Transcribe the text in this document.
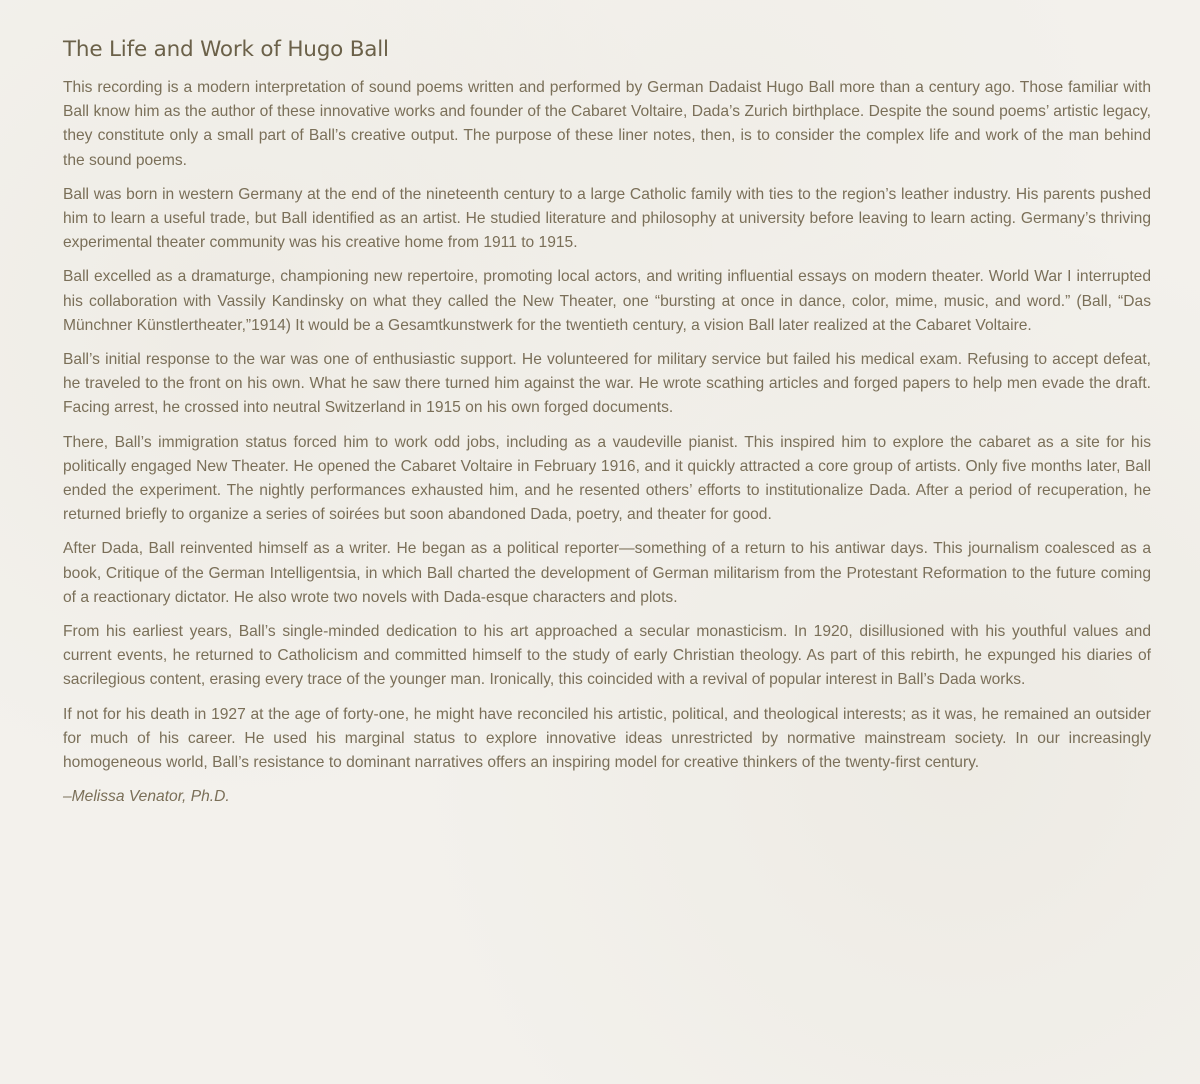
The Life and Work of Hugo Ball

This recording is a modern interpretation of sound poems written and performed by German Dadaist Hugo Ball more than a century ago. Those familiar with Ball know him as the author of these innovative works and founder of the Cabaret Voltaire, Dada’s Zurich birthplace. Despite the sound poems’ artistic legacy, they constitute only a small part of Ball’s creative output. The purpose of these liner notes, then, is to consider the complex life and work of the man behind the sound poems.

Ball was born in western Germany at the end of the nineteenth century to a large Catholic family with ties to the region’s leather industry. His parents pushed him to learn a useful trade, but Ball identified as an artist. He studied literature and philosophy at university before leaving to learn acting. Germany’s thriving experimental theater community was his creative home from 1911 to 1915.

Ball excelled as a dramaturge, championing new repertoire, promoting local actors, and writing influential essays on modern theater. World War I interrupted his collaboration with Vassily Kandinsky on what they called the New Theater, one “bursting at once in dance, color, mime, music, and word.” (Ball, “Das Münchner Künstlertheater,”1914) It would be a Gesamtkunstwerk for the twentieth century, a vision Ball later realized at the Cabaret Voltaire.

Ball’s initial response to the war was one of enthusiastic support. He volunteered for military service but failed his medical exam. Refusing to accept defeat, he traveled to the front on his own. What he saw there turned him against the war. He wrote scathing articles and forged papers to help men evade the draft. Facing arrest, he crossed into neutral Switzerland in 1915 on his own forged documents.

There, Ball’s immigration status forced him to work odd jobs, including as a vaudeville pianist. This inspired him to explore the cabaret as a site for his politically engaged New Theater. He opened the Cabaret Voltaire in February 1916, and it quickly attracted a core group of artists. Only five months later, Ball ended the experiment. The nightly performances exhausted him, and he resented others’ efforts to institutionalize Dada. After a period of recuperation, he returned briefly to organize a series of soirées but soon abandoned Dada, poetry, and theater for good.

After Dada, Ball reinvented himself as a writer. He began as a political reporter—something of a return to his antiwar days. This journalism coalesced as a book, Critique of the German Intelligentsia, in which Ball charted the development of German militarism from the Protestant Reformation to the future coming of a reactionary dictator. He also wrote two novels with Dada-esque characters and plots.

From his earliest years, Ball’s single-minded dedication to his art approached a secular monasticism. In 1920, disillusioned with his youthful values and current events, he returned to Catholicism and committed himself to the study of early Christian theology. As part of this rebirth, he expunged his diaries of sacrilegious content, erasing every trace of the younger man. Ironically, this coincided with a revival of popular interest in Ball’s Dada works.

If not for his death in 1927 at the age of forty-one, he might have reconciled his artistic, political, and theological interests; as it was, he remained an outsider for much of his career. He used his marginal status to explore innovative ideas unrestricted by normative mainstream society. In our increasingly homogeneous world, Ball’s resistance to dominant narratives offers an inspiring model for creative thinkers of the twenty-first century.

–Melissa Venator, Ph.D.
